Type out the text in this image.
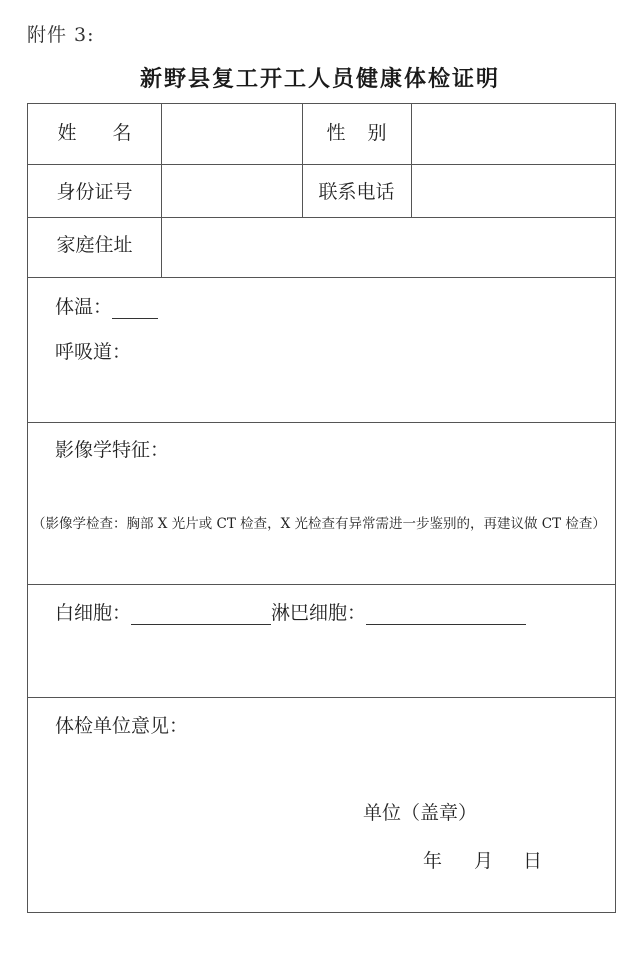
附件 3:
新野县复工开工人员健康体检证明
姓 名	性 别
身份证号	联系电话
家庭住址
体温：
呼吸道：
影像学特征：
（影像学检查：胸部 X 光片或 CT 检查，X 光检查有异常需进一步鉴别的，再建议做 CT 检查）
白细胞：	淋巴细胞：
体检单位意见：
单位（盖章）
年 月 日
